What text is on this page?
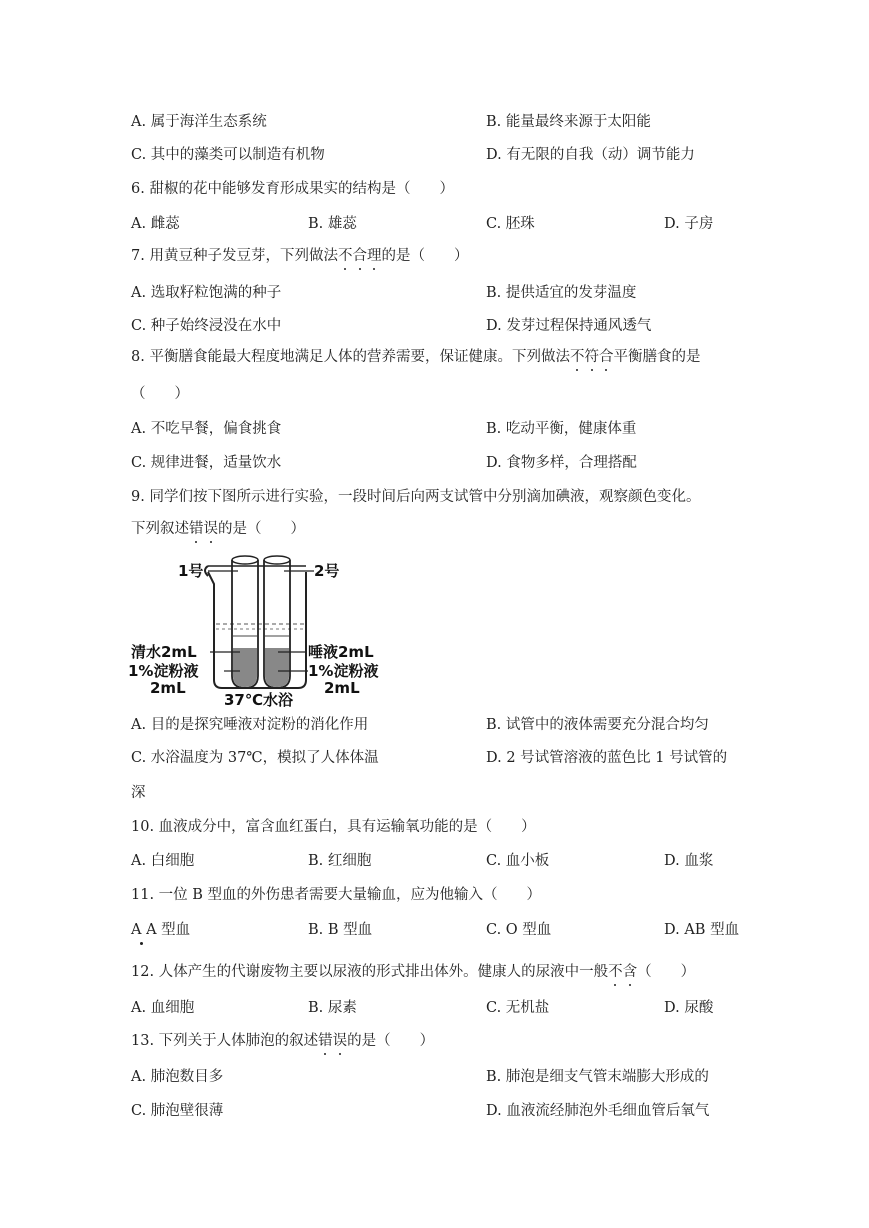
A. 属于海洋生态系统	B. 能量最终来源于太阳能

C. 其中的藻类可以制造有机物	D. 有无限的自我（动）调节能力

6. 甜椒的花中能够发育形成果实的结构是（　　）

A. 雌蕊	B. 雄蕊	C. 胚珠	D. 子房

7. 用黄豆种子发豆芽，下列做法不合理的是（　　）

A. 选取籽粒饱满的种子	B. 提供适宜的发芽温度

C. 种子始终浸没在水中	D. 发芽过程保持通风透气

8. 平衡膳食能最大程度地满足人体的营养需要，保证健康。下列做法不符合平衡膳食的是

（　　）

A. 不吃早餐，偏食挑食	B. 吃动平衡，健康体重

C. 规律进餐，适量饮水	D. 食物多样，合理搭配

9. 同学们按下图所示进行实验，一段时间后向两支试管中分别滴加碘液，观察颜色变化。

下列叙述错误的是（　　）

1号	2号
清水2mL
1%淀粉液
2mL
唾液2mL
1%淀粉液
2mL
37℃水浴

A. 目的是探究唾液对淀粉的消化作用	B. 试管中的液体需要充分混合均匀

C. 水浴温度为 37℃，模拟了人体体温	D. 2 号试管溶液的蓝色比 1 号试管的

深

10. 血液成分中，富含血红蛋白，具有运输氧功能的是（　　）

A. 白细胞	B. 红细胞	C. 血小板	D. 血浆

11. 一位 B 型血的外伤患者需要大量输血，应为他输入（　　）

A A 型血	B. B 型血	C. O 型血	D. AB 型血

12. 人体产生的代谢废物主要以尿液的形式排出体外。健康人的尿液中一般不含（　　）

A. 血细胞	B. 尿素	C. 无机盐	D. 尿酸

13. 下列关于人体肺泡的叙述错误的是（　　）

A. 肺泡数目多	B. 肺泡是细支气管末端膨大形成的

C. 肺泡壁很薄	D. 血液流经肺泡外毛细血管后氧气
